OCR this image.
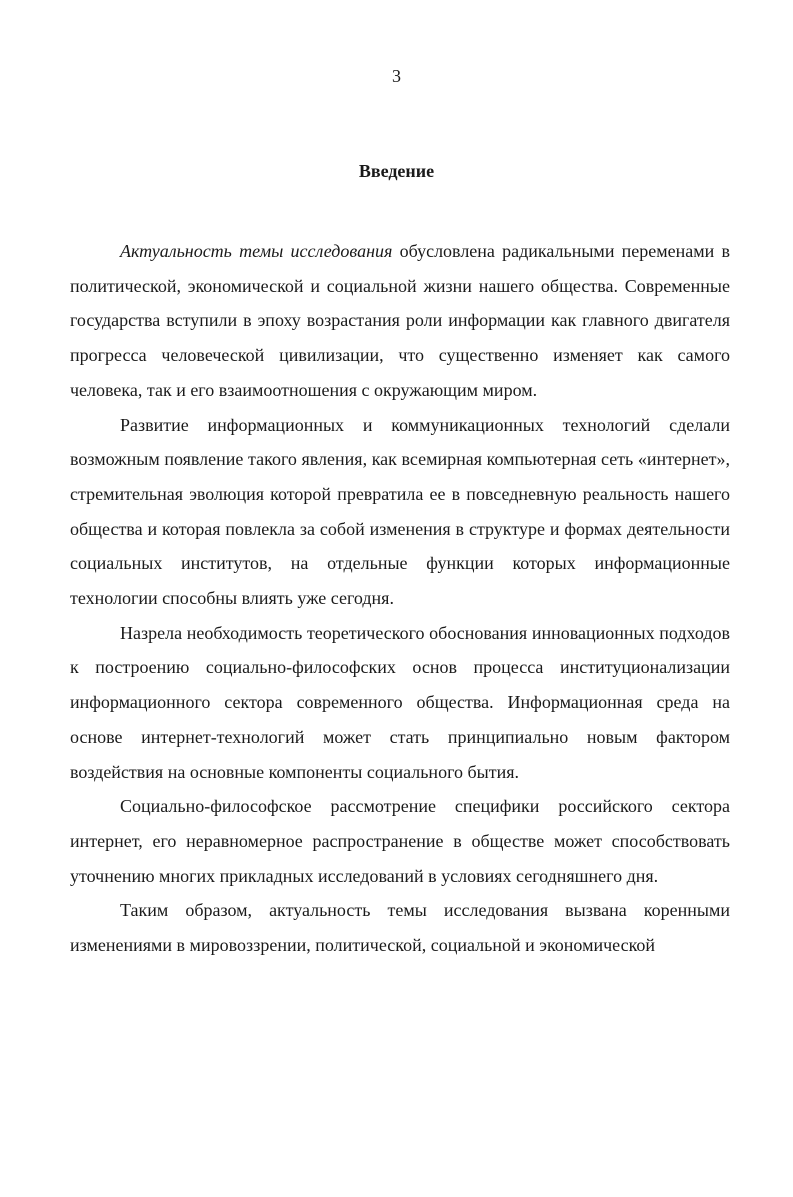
3
Введение

Актуальность темы исследования обусловлена радикальными переменами в политической, экономической и социальной жизни нашего общества. Современные государства вступили в эпоху возрастания роли информации как главного двигателя прогресса человеческой цивилизации, что существенно изменяет как самого человека, так и его взаимоотношения с окружающим миром.

Развитие информационных и коммуникационных технологий сделали возможным появление такого явления, как всемирная компьютерная сеть «интернет», стремительная эволюция которой превратила ее в повседневную реальность нашего общества и которая повлекла за собой изменения в структуре и формах деятельности социальных институтов, на отдельные функции которых информационные технологии способны влиять уже сегодня.

Назрела необходимость теоретического обоснования инновационных подходов к построению социально-философских основ процесса институционализации информационного сектора современного общества. Информационная среда на основе интернет-технологий может стать принципиально новым фактором воздействия на основные компоненты социального бытия.

Социально-философское рассмотрение специфики российского сектора интернет, его неравномерное распространение в обществе может способствовать уточнению многих прикладных исследований в условиях сегодняшнего дня.

Таким образом, актуальность темы исследования вызвана коренными изменениями в мировоззрении, политической, социальной и экономической
